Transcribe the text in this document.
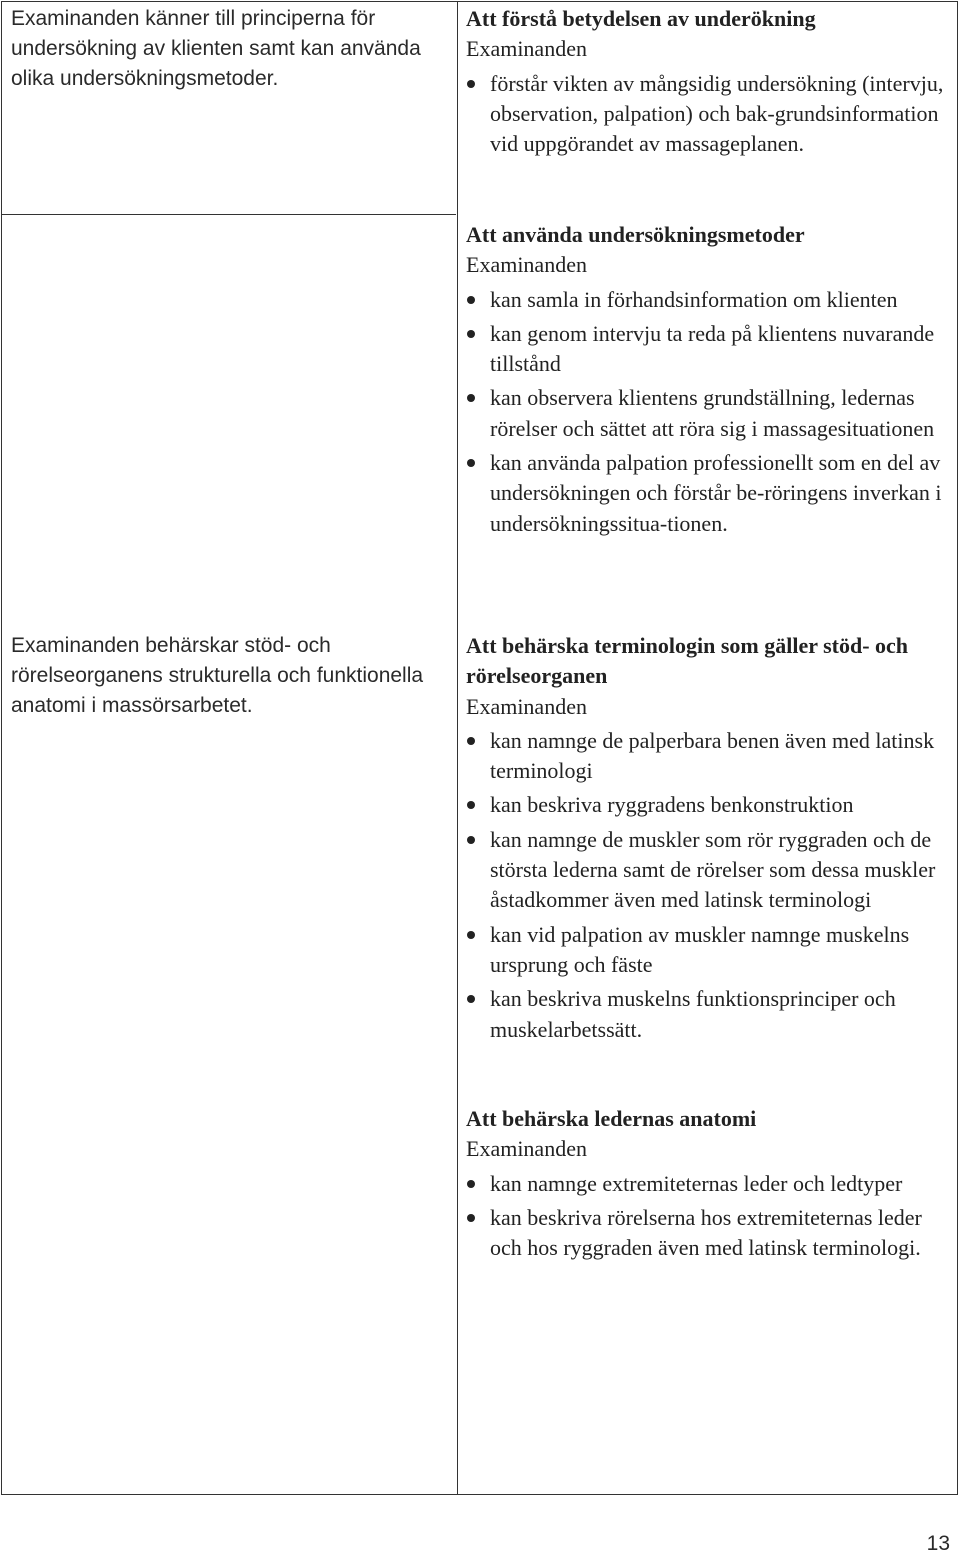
Examinanden känner till principerna för undersökning av klienten samt kan använda olika undersökningsmetoder.
Examinanden behärskar stöd- och rörelseorganens strukturella och funktionella anatomi i massörsarbetet.
Att förstå betydelsen av underökning
Examinanden
förstår vikten av mångsidig undersökning (intervju, observation, palpation) och bak-grundsinformation vid uppgörandet av massageplanen.
Att använda undersökningsmetoder
Examinanden
kan samla in förhandsinformation om klienten
kan genom intervju ta reda på klientens nuvarande tillstånd
kan observera klientens grundställning, ledernas rörelser och sättet att röra sig i massagesituationen
kan använda palpation professionellt som en del av undersökningen och förstår be-röringens inverkan i undersökningssitua-tionen.
Att behärska terminologin som gäller stöd- och rörelseorganen
Examinanden
kan namnge de palperbara benen även med latinsk terminologi
kan beskriva ryggradens benkonstruktion
kan namnge de muskler som rör ryggraden och de största lederna samt de rörelser som dessa muskler åstadkommer även med latinsk terminologi
kan vid palpation av muskler namnge muskelns ursprung och fäste
kan beskriva muskelns funktionsprinciper och muskelarbetssätt.
Att behärska ledernas anatomi
Examinanden
kan namnge extremiteternas leder och ledtyper
kan beskriva rörelserna hos extremiteternas leder och hos ryggraden även med latinsk terminologi.
13
